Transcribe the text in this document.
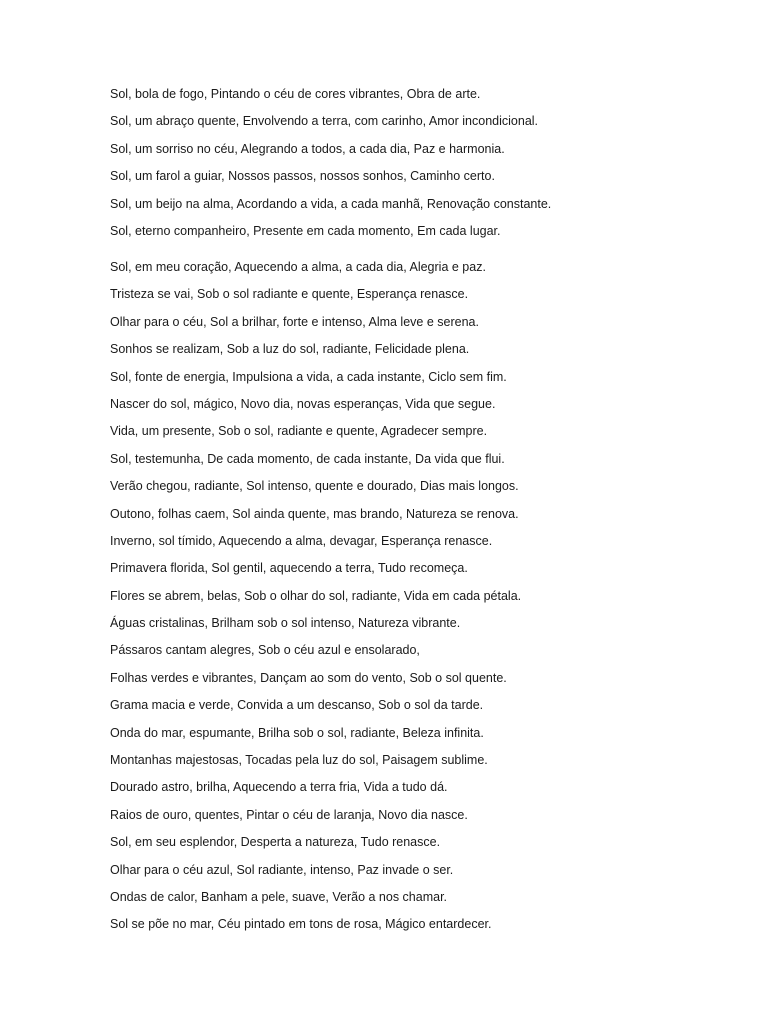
Sol, bola de fogo, Pintando o céu de cores vibrantes, Obra de arte.
Sol, um abraço quente, Envolvendo a terra, com carinho, Amor incondicional.
Sol, um sorriso no céu, Alegrando a todos, a cada dia, Paz e harmonia.
Sol, um farol a guiar, Nossos passos, nossos sonhos, Caminho certo.
Sol, um beijo na alma, Acordando a vida, a cada manhã, Renovação constante.
Sol, eterno companheiro, Presente em cada momento, Em cada lugar.
Sol, em meu coração, Aquecendo a alma, a cada dia, Alegria e paz.
Tristeza se vai, Sob o sol radiante e quente, Esperança renasce.
Olhar para o céu, Sol a brilhar, forte e intenso, Alma leve e serena.
Sonhos se realizam, Sob a luz do sol, radiante, Felicidade plena.
Sol, fonte de energia, Impulsiona a vida, a cada instante, Ciclo sem fim.
Nascer do sol, mágico, Novo dia, novas esperanças, Vida que segue.
Vida, um presente, Sob o sol, radiante e quente, Agradecer sempre.
Sol, testemunha, De cada momento, de cada instante, Da vida que flui.
Verão chegou, radiante, Sol intenso, quente e dourado, Dias mais longos.
Outono, folhas caem, Sol ainda quente, mas brando, Natureza se renova.
Inverno, sol tímido, Aquecendo a alma, devagar, Esperança renasce.
Primavera florida, Sol gentil, aquecendo a terra, Tudo recomeça.
Flores se abrem, belas, Sob o olhar do sol, radiante, Vida em cada pétala.
Águas cristalinas, Brilham sob o sol intenso, Natureza vibrante.
Pássaros cantam alegres, Sob o céu azul e ensolarado,
Folhas verdes e vibrantes, Dançam ao som do vento, Sob o sol quente.
Grama macia e verde, Convida a um descanso, Sob o sol da tarde.
Onda do mar, espumante, Brilha sob o sol, radiante, Beleza infinita.
Montanhas majestosas, Tocadas pela luz do sol, Paisagem sublime.
Dourado astro, brilha, Aquecendo a terra fria, Vida a tudo dá.
Raios de ouro, quentes, Pintar o céu de laranja, Novo dia nasce.
Sol, em seu esplendor, Desperta a natureza, Tudo renasce.
Olhar para o céu azul, Sol radiante, intenso, Paz invade o ser.
Ondas de calor, Banham a pele, suave, Verão a nos chamar.
Sol se põe no mar, Céu pintado em tons de rosa, Mágico entardecer.
